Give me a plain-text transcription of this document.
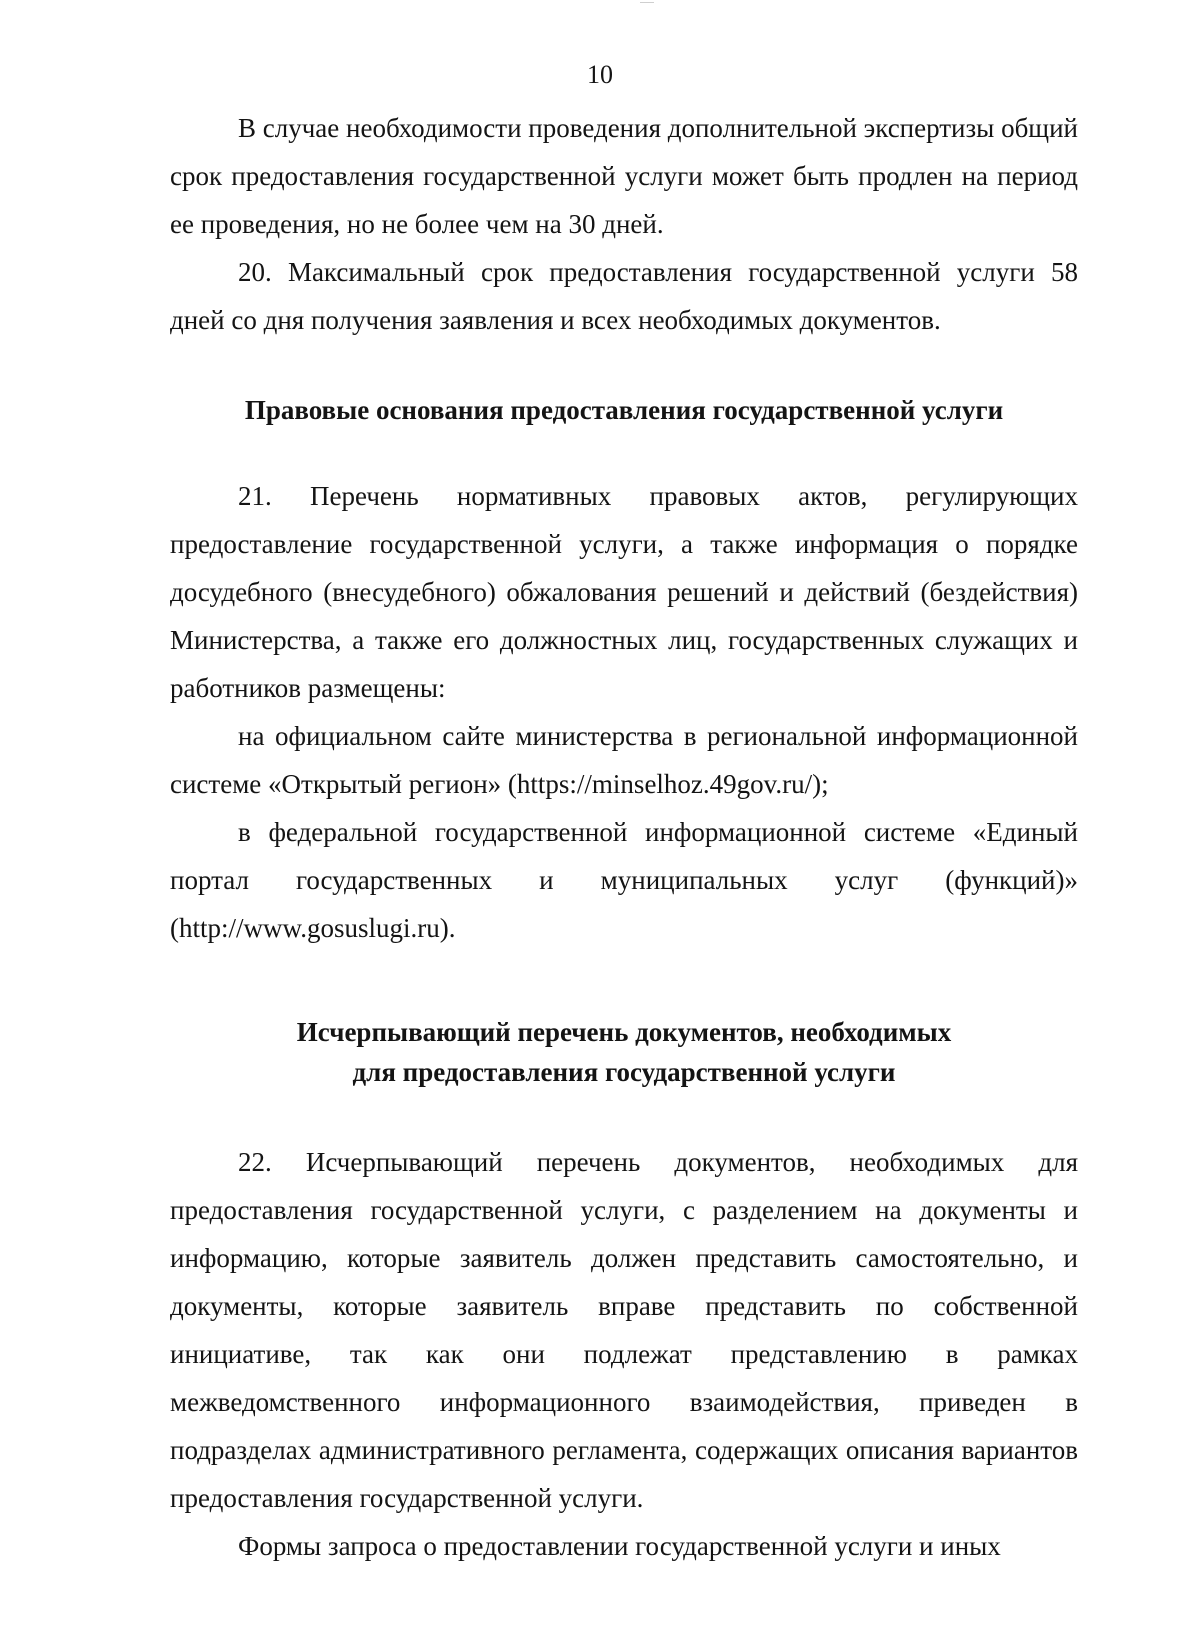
10

В случае необходимости проведения дополнительной экспертизы общий срок предоставления государственной услуги может быть продлен на период ее проведения, но не более чем на 30 дней.

20. Максимальный срок предоставления государственной услуги 58 дней со дня получения заявления и всех необходимых документов.

Правовые основания предоставления государственной услуги

21. Перечень нормативных правовых актов, регулирующих предоставление государственной услуги, а также информация о порядке досудебного (внесудебного) обжалования решений и действий (бездействия) Министерства, а также его должностных лиц, государственных служащих и работников размещены:

на официальном сайте министерства в региональной информационной системе «Открытый регион» (https://minselhoz.49gov.ru/);

в федеральной государственной информационной системе «Единый портал государственных и муниципальных услуг (функций)» (http://www.gosuslugi.ru).

Исчерпывающий перечень документов, необходимых
для предоставления государственной услуги

22. Исчерпывающий перечень документов, необходимых для предоставления государственной услуги, с разделением на документы и информацию, которые заявитель должен представить самостоятельно, и документы, которые заявитель вправе представить по собственной инициативе, так как они подлежат представлению в рамках межведомственного информационного взаимодействия, приведен в подразделах административного регламента, содержащих описания вариантов предоставления государственной услуги.

Формы запроса о предоставлении государственной услуги и иных
